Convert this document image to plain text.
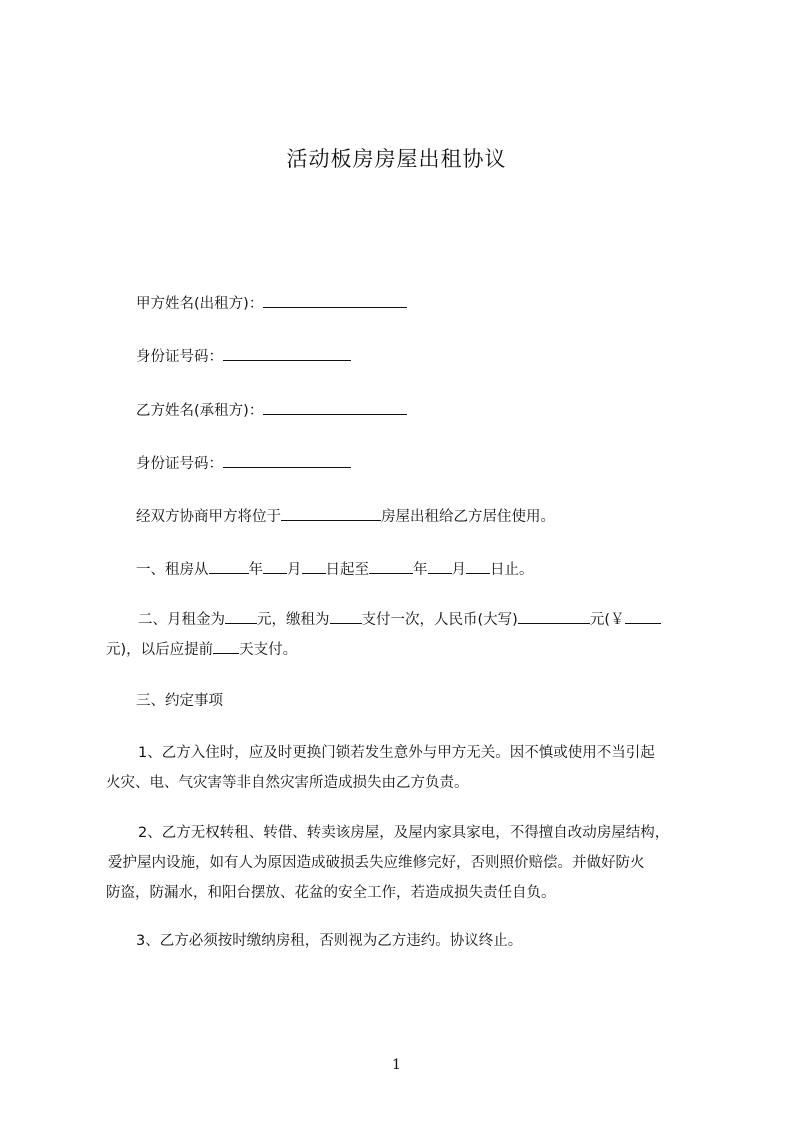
活动板房房屋出租协议
甲方姓名(出租方)：
身份证号码：
乙方姓名(承租方)：
身份证号码：
经双方协商甲方将位于	房屋出租给乙方居住使用。
一、租房从	年 月 日起至	年 月 日止。
二、月租金为 元，缴租为 支付一次，人民币(大写)	元(￥
元)，以后应提前 天支付。
三、约定事项
1、乙方入住时，应及时更换门锁若发生意外与甲方无关。因不慎或使用不当引起
火灾、电、气灾害等非自然灾害所造成损失由乙方负责。
2、乙方无权转租、转借、转卖该房屋，及屋内家具家电，不得擅自改动房屋结构，
爱护屋内设施，如有人为原因造成破损丢失应维修完好，否则照价赔偿。并做好防火
防盗，防漏水，和阳台摆放、花盆的安全工作，若造成损失责任自负。
3、乙方必须按时缴纳房租，否则视为乙方违约。协议终止。
1
